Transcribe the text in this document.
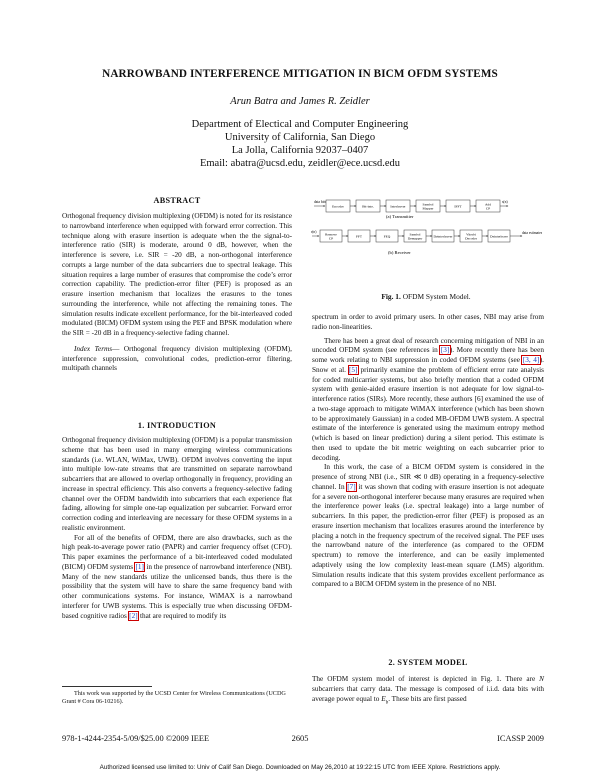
NARROWBAND INTERFERENCE MITIGATION IN BICM OFDM SYSTEMS
Arun Batra and James R. Zeidler
Department of Electical and Computer Engineering
University of California, San Diego
La Jolla, California 92037–0407
Email: abatra@ucsd.edu, zeidler@ece.ucsd.edu
ABSTRACT

Orthogonal frequency division multiplexing (OFDM) is noted for its resistance to narrowband interference when equipped with forward error correction. This technique along with erasure insertion is adequate when the the signal-to-interference ratio (SIR) is moderate, around 0 dB, however, when the interference is severe, i.e. SIR = -20 dB, a non-orthogonal interference corrupts a large number of the data subcarriers due to spectral leakage. This situation requires a large number of erasures that compromise the code’s error correction capability. The prediction-error filter (PEF) is proposed as an erasure insertion mechanism that localizes the erasures to the tones surrounding the interference, while not affecting the remaining tones. The simulation results indicate excellent performance, for the bit-interleaved coded modulated (BICM) OFDM system using the PEF and BPSK modulation where the SIR = -20 dB in a frequency-selective fading channel.

Index Terms— Orthogonal frequency division multiplexing (OFDM), interference suppression, convolutional codes, prediction-error filtering, multipath channels

1. INTRODUCTION

Orthogonal frequency division multiplexing (OFDM) is a popular transmission scheme that has been used in many emerging wireless communications standards (i.e. WLAN, WiMax, UWB). OFDM involves converting the input into multiple low-rate streams that are transmitted on separate narrowband subcarriers that are allowed to overlap orthogonally in frequency, providing an increase in spectral efficiency. This also converts a frequency-selective fading channel over the OFDM bandwidth into subcarriers that each experience flat fading, allowing for simple one-tap equalization per subcarrier. Forward error correction coding and interleaving are necessary for these OFDM systems in a realistic environment.

For all of the benefits of OFDM, there are also drawbacks, such as the high peak-to-average power ratio (PAPR) and carrier frequency offset (CFO). This paper examines the performance of a bit-interleaved coded modulated (BICM) OFDM systems [1] in the presence of narrowband interference (NBI). Many of the new standards utilize the unlicensed bands, thus there is the possibility that the system will have to share the same frequency band with other communications systems. For instance, WiMAX is a narrowband interferer for UWB systems. This is especially true when discussing OFDM-based cognitive radios [2] that are required to modify its

This work was supported by the UCSD Center for Wireless Communications (UCDG Grant # Cora 06-10216).
data bits
Encoder	Bit-inte.	Interleaver	Symbol
Mapper	IFFT	Add
CP
s(n)
(a) Transmitter
r(n)
Remove
CP	FFT	FEQ	Symbol
Demapper	Deinterleaver	Viterbi
Decoder	Deinterleave
(b) Receiver
data estimates
Fig. 1. OFDM System Model.

spectrum in order to avoid primary users. In other cases, NBI may arise from radio non-linearities.

There has been a great deal of research concerning mitigation of NBI in an uncoded OFDM system (see references in [3]). More recently there has been some work relating to NBI suppression in coded OFDM systems (see [3, 4]). Snow et al. [5] primarily examine the problem of efficient error rate analysis for coded multicarrier systems, but also briefly mention that a coded OFDM system with genie-aided erasure insertion is not adequate for low signal-to-interference ratios (SIRs). More recently, these authors [6] examined the use of a two-stage approach to mitigate WiMAX interference (which has been shown to be approximately Gaussian) in a coded MB-OFDM UWB system. A spectral estimate of the interference is generated using the maximum entropy method (which is based on linear prediction) during a silent period. This estimate is then used to update the bit metric weighting on each subcarrier prior to decoding.

In this work, the case of a BICM OFDM system is considered in the presence of strong NBI (i.e., SIR ≪ 0 dB) operating in a frequency-selective channel. In [7] it was shown that coding with erasure insertion is not adequate for a severe non-orthogonal interferer because many erasures are required when the interference power leaks (i.e. spectral leakage) into a large number of subcarriers. In this paper, the prediction-error filter (PEF) is proposed as an erasure insertion mechanism that localizes erasures around the interference by placing a notch in the frequency spectrum of the received signal. The PEF uses the narrowband nature of the interference (as compared to the OFDM spectrum) to remove the interference, and can be easily implemented adaptively using the low complexity least-mean square (LMS) algorithm. Simulation results indicate that this system provides excellent performance as compared to a BICM OFDM system in the presence of no NBI.

2. SYSTEM MODEL

The OFDM system model of interest is depicted in Fig. 1. There are N subcarriers that carry data. The message is composed of i.i.d. data bits with average power equal to $E_b$. These bits are first passed

978-1-4244-2354-5/09/$25.00 ©2009 IEEE	2605	ICASSP 2009
Authorized licensed use limited to: Univ of Calif San Diego. Downloaded on May 26,2010 at 19:22:15 UTC from IEEE Xplore. Restrictions apply.
